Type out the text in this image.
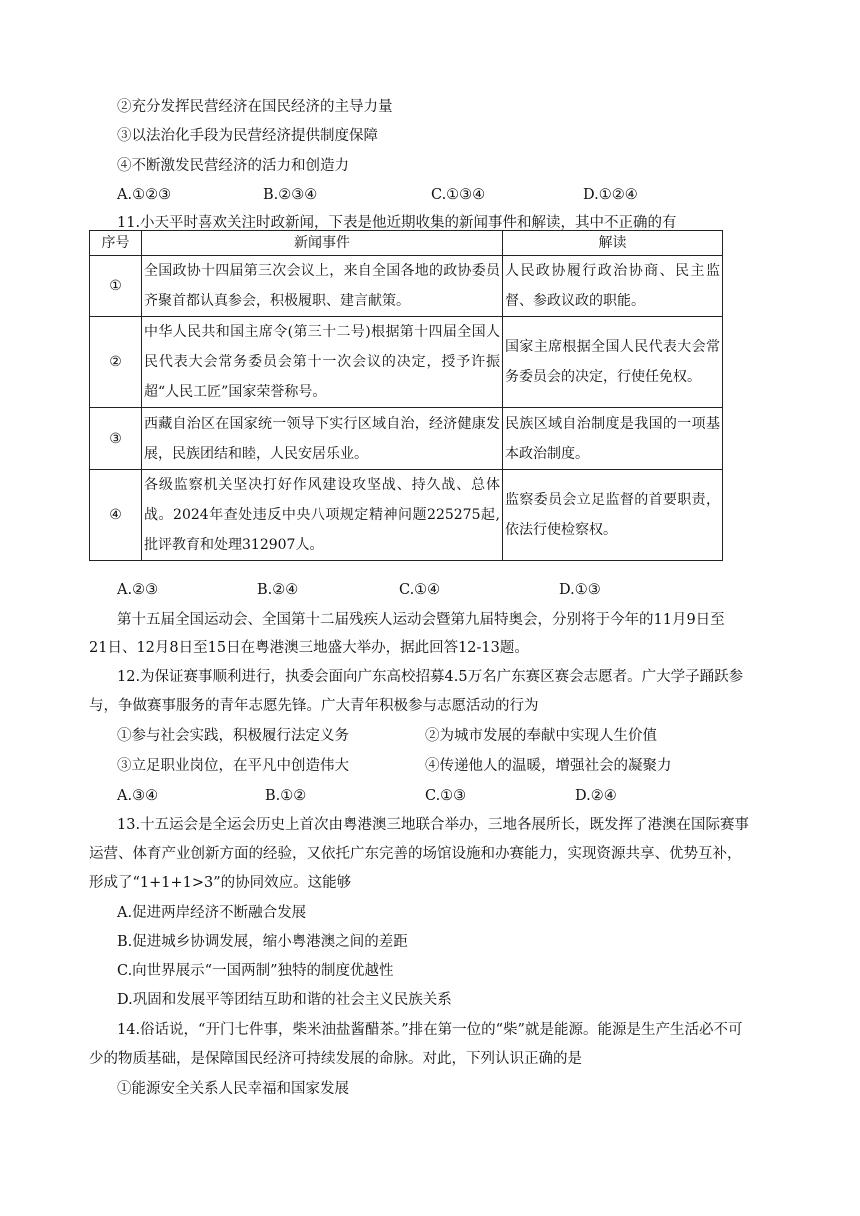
②充分发挥民营经济在国民经济的主导力量
③以法治化手段为民营经济提供制度保障
④不断激发民营经济的活力和创造力
A.①②③	B.②③④	C.①③④	D.①②④
11.小天平时喜欢关注时政新闻，下表是他近期收集的新闻事件和解读，其中不正确的有
序号	新闻事件	解读
①	全国政协十四届第三次会议上，来自全国各地的政协委员齐聚首都认真参会，积极履职、建言献策。	人民政协履行政治协商、民主监督、参政议政的职能。
②	中华人民共和国主席令(第三十二号)根据第十四届全国人民代表大会常务委员会第十一次会议的决定，授予许振超“人民工匠”国家荣誉称号。	国家主席根据全国人民代表大会常务委员会的决定，行使任免权。
③	西藏自治区在国家统一领导下实行区域自治，经济健康发展，民族团结和睦，人民安居乐业。	民族区域自治制度是我国的一项基本政治制度。
④	各级监察机关坚决打好作风建设攻坚战、持久战、总体战。2024年查处违反中央八项规定精神问题225275起, 批评教育和处理312907人。	监察委员会立足监督的首要职责，依法行使检察权。
A.②③	B.②④	C.①④	D.①③
第十五届全国运动会、全国第十二届残疾人运动会暨第九届特奥会，分别将于今年的11月9日至
21日、12月8日至15日在粤港澳三地盛大举办，据此回答12-13题。
12.为保证赛事顺利进行，执委会面向广东高校招募4.5万名广东赛区赛会志愿者。广大学子踊跃参
与，争做赛事服务的青年志愿先锋。广大青年积极参与志愿活动的行为
①参与社会实践，积极履行法定义务	②为城市发展的奉献中实现人生价值
③立足职业岗位，在平凡中创造伟大	④传递他人的温暖，增强社会的凝聚力
A.③④	B.①②	C.①③	D.②④
13.十五运会是全运会历史上首次由粤港澳三地联合举办，三地各展所长，既发挥了港澳在国际赛事
运营、体育产业创新方面的经验，又依托广东完善的场馆设施和办赛能力，实现资源共享、优势互补，
形成了“1+1+1>3”的协同效应。这能够
A.促进两岸经济不断融合发展
B.促进城乡协调发展，缩小粤港澳之间的差距
C.向世界展示“一国两制”独特的制度优越性
D.巩固和发展平等团结互助和谐的社会主义民族关系
14.俗话说，“开门七件事，柴米油盐酱醋茶。”排在第一位的“柴”就是能源。能源是生产生活必不可
少的物质基础，是保障国民经济可持续发展的命脉。对此，下列认识正确的是
①能源安全关系人民幸福和国家发展
